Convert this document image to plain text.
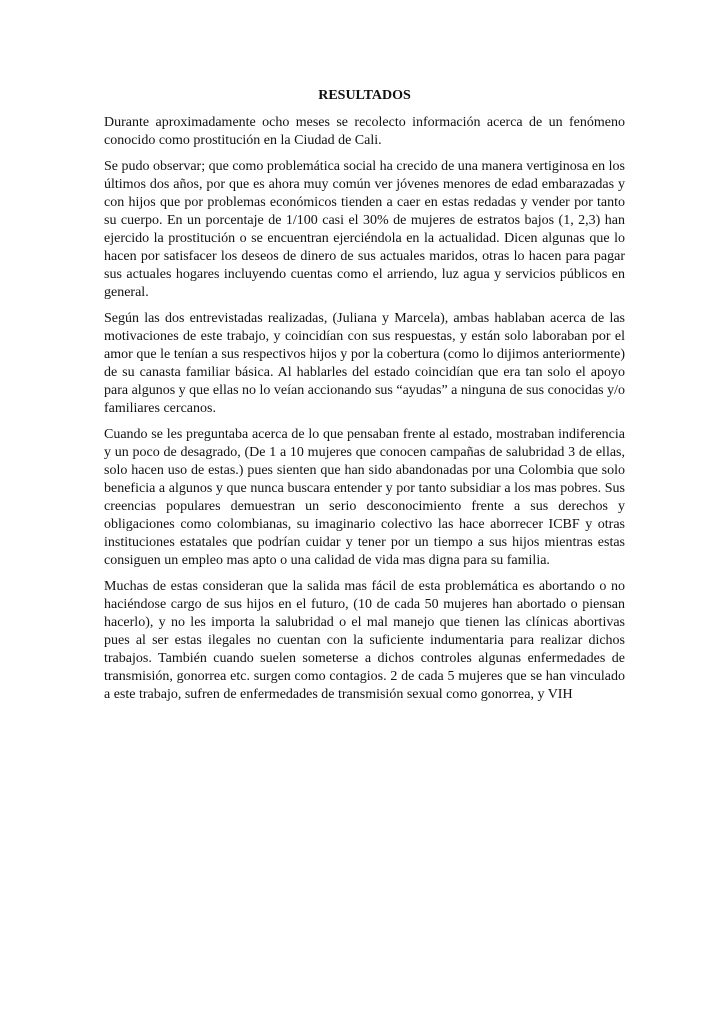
RESULTADOS

Durante aproximadamente ocho meses se recolecto información acerca de un fenómeno conocido como prostitución en la Ciudad de Cali.

Se pudo observar; que como problemática social ha crecido de una manera vertiginosa en los últimos dos años, por que es ahora muy común ver jóvenes menores de edad embarazadas y con hijos que por problemas económicos tienden a caer en estas redadas y vender por tanto su cuerpo. En un porcentaje de 1/100 casi el 30% de mujeres de estratos bajos (1, 2,3) han ejercido la prostitución o se encuentran ejerciéndola en la actualidad. Dicen algunas que lo hacen por satisfacer los deseos de dinero de sus actuales maridos, otras lo hacen para pagar sus actuales hogares incluyendo cuentas como el arriendo, luz agua y servicios públicos en general.

Según las dos entrevistadas realizadas, (Juliana y Marcela), ambas hablaban acerca de las motivaciones de este trabajo, y coincidían con sus respuestas, y están solo laboraban por el amor que le tenían a sus respectivos hijos y por la cobertura (como lo dijimos anteriormente) de su canasta familiar básica. Al hablarles del estado coincidían que era tan solo el apoyo para algunos y que ellas no lo veían accionando sus “ayudas” a ninguna de sus conocidas y/o familiares cercanos.

Cuando se les preguntaba acerca de lo que pensaban frente al estado, mostraban indiferencia y un poco de desagrado, (De 1 a 10 mujeres que conocen campañas de salubridad 3 de ellas, solo hacen uso de estas.) pues sienten que han sido abandonadas por una Colombia que solo beneficia a algunos y que nunca buscara entender y por tanto subsidiar a los mas pobres. Sus creencias populares demuestran un serio desconocimiento frente a sus derechos y obligaciones como colombianas, su imaginario colectivo las hace aborrecer ICBF y otras instituciones estatales que podrían cuidar y tener por un tiempo a sus hijos mientras estas consiguen un empleo mas apto o una calidad de vida mas digna para su familia.

Muchas de estas consideran que la salida mas fácil de esta problemática es abortando o no haciéndose cargo de sus hijos en el futuro, (10 de cada 50 mujeres han abortado o piensan hacerlo), y no les importa la salubridad o el mal manejo que tienen las clínicas abortivas pues al ser estas ilegales no cuentan con la suficiente indumentaria para realizar dichos trabajos. También cuando suelen someterse a dichos controles algunas enfermedades de transmisión, gonorrea etc. surgen como contagios. 2 de cada 5 mujeres que se han vinculado a este trabajo, sufren de enfermedades de transmisión sexual como gonorrea, y VIH
